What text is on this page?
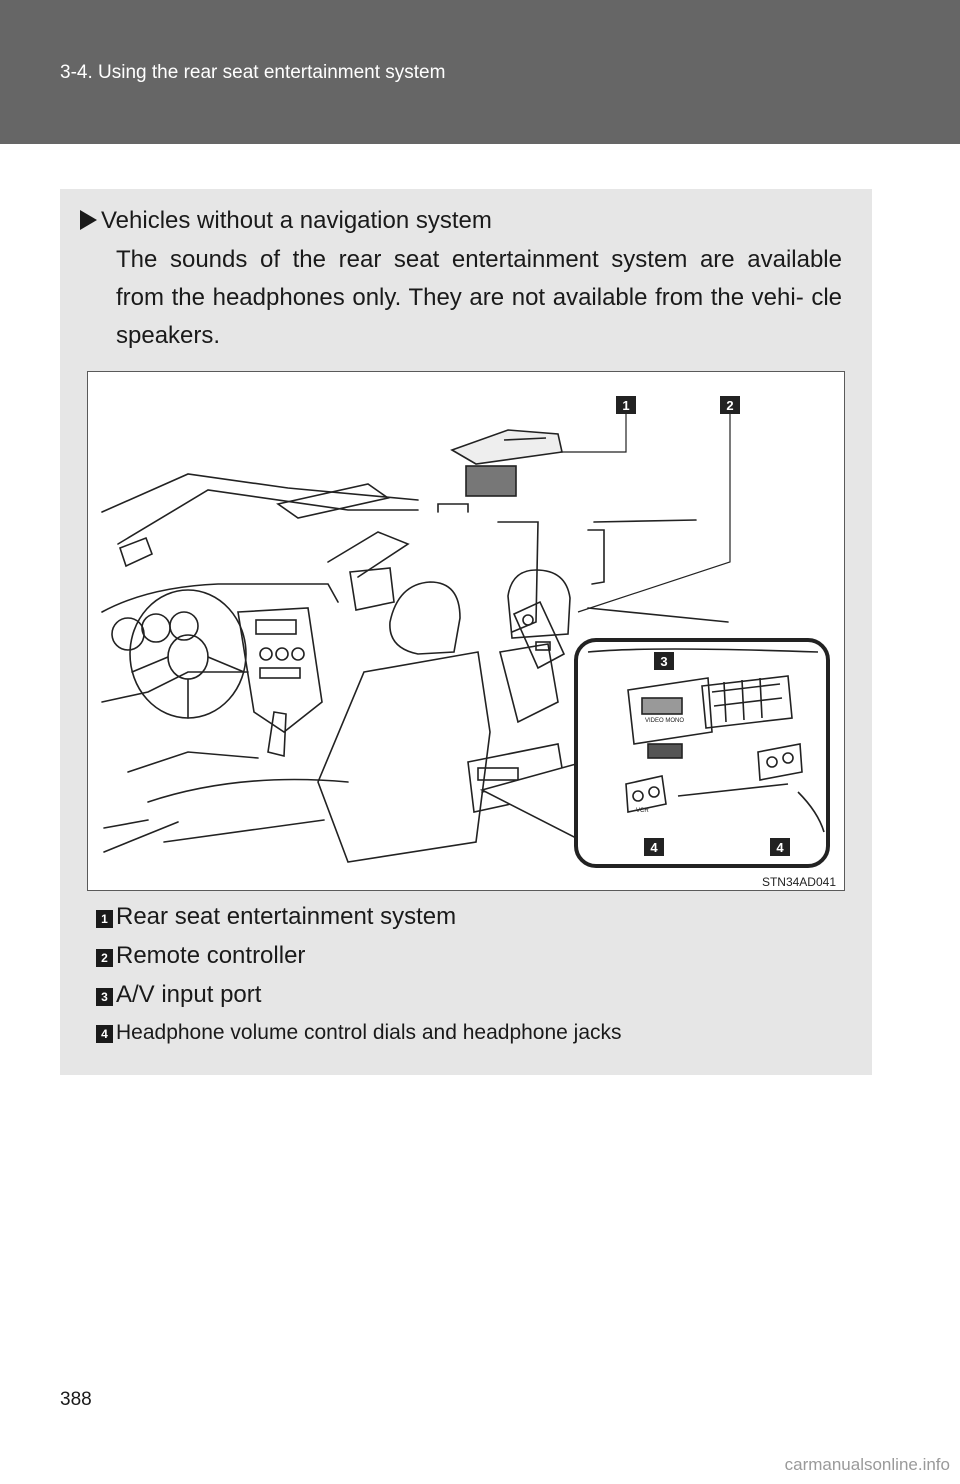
3-4. Using the rear seat entertainment system
Vehicles without a navigation system
The sounds of the rear seat entertainment system are available from the headphones only. They are not available from the vehi- cle speakers.
VIDEO MONO
VCR
1	2
3
4	4
STN34AD041
1 Rear seat entertainment system
2 Remote controller
3 A/V input port
4 Headphone volume control dials and headphone jacks
388
carmanualsonline.info
